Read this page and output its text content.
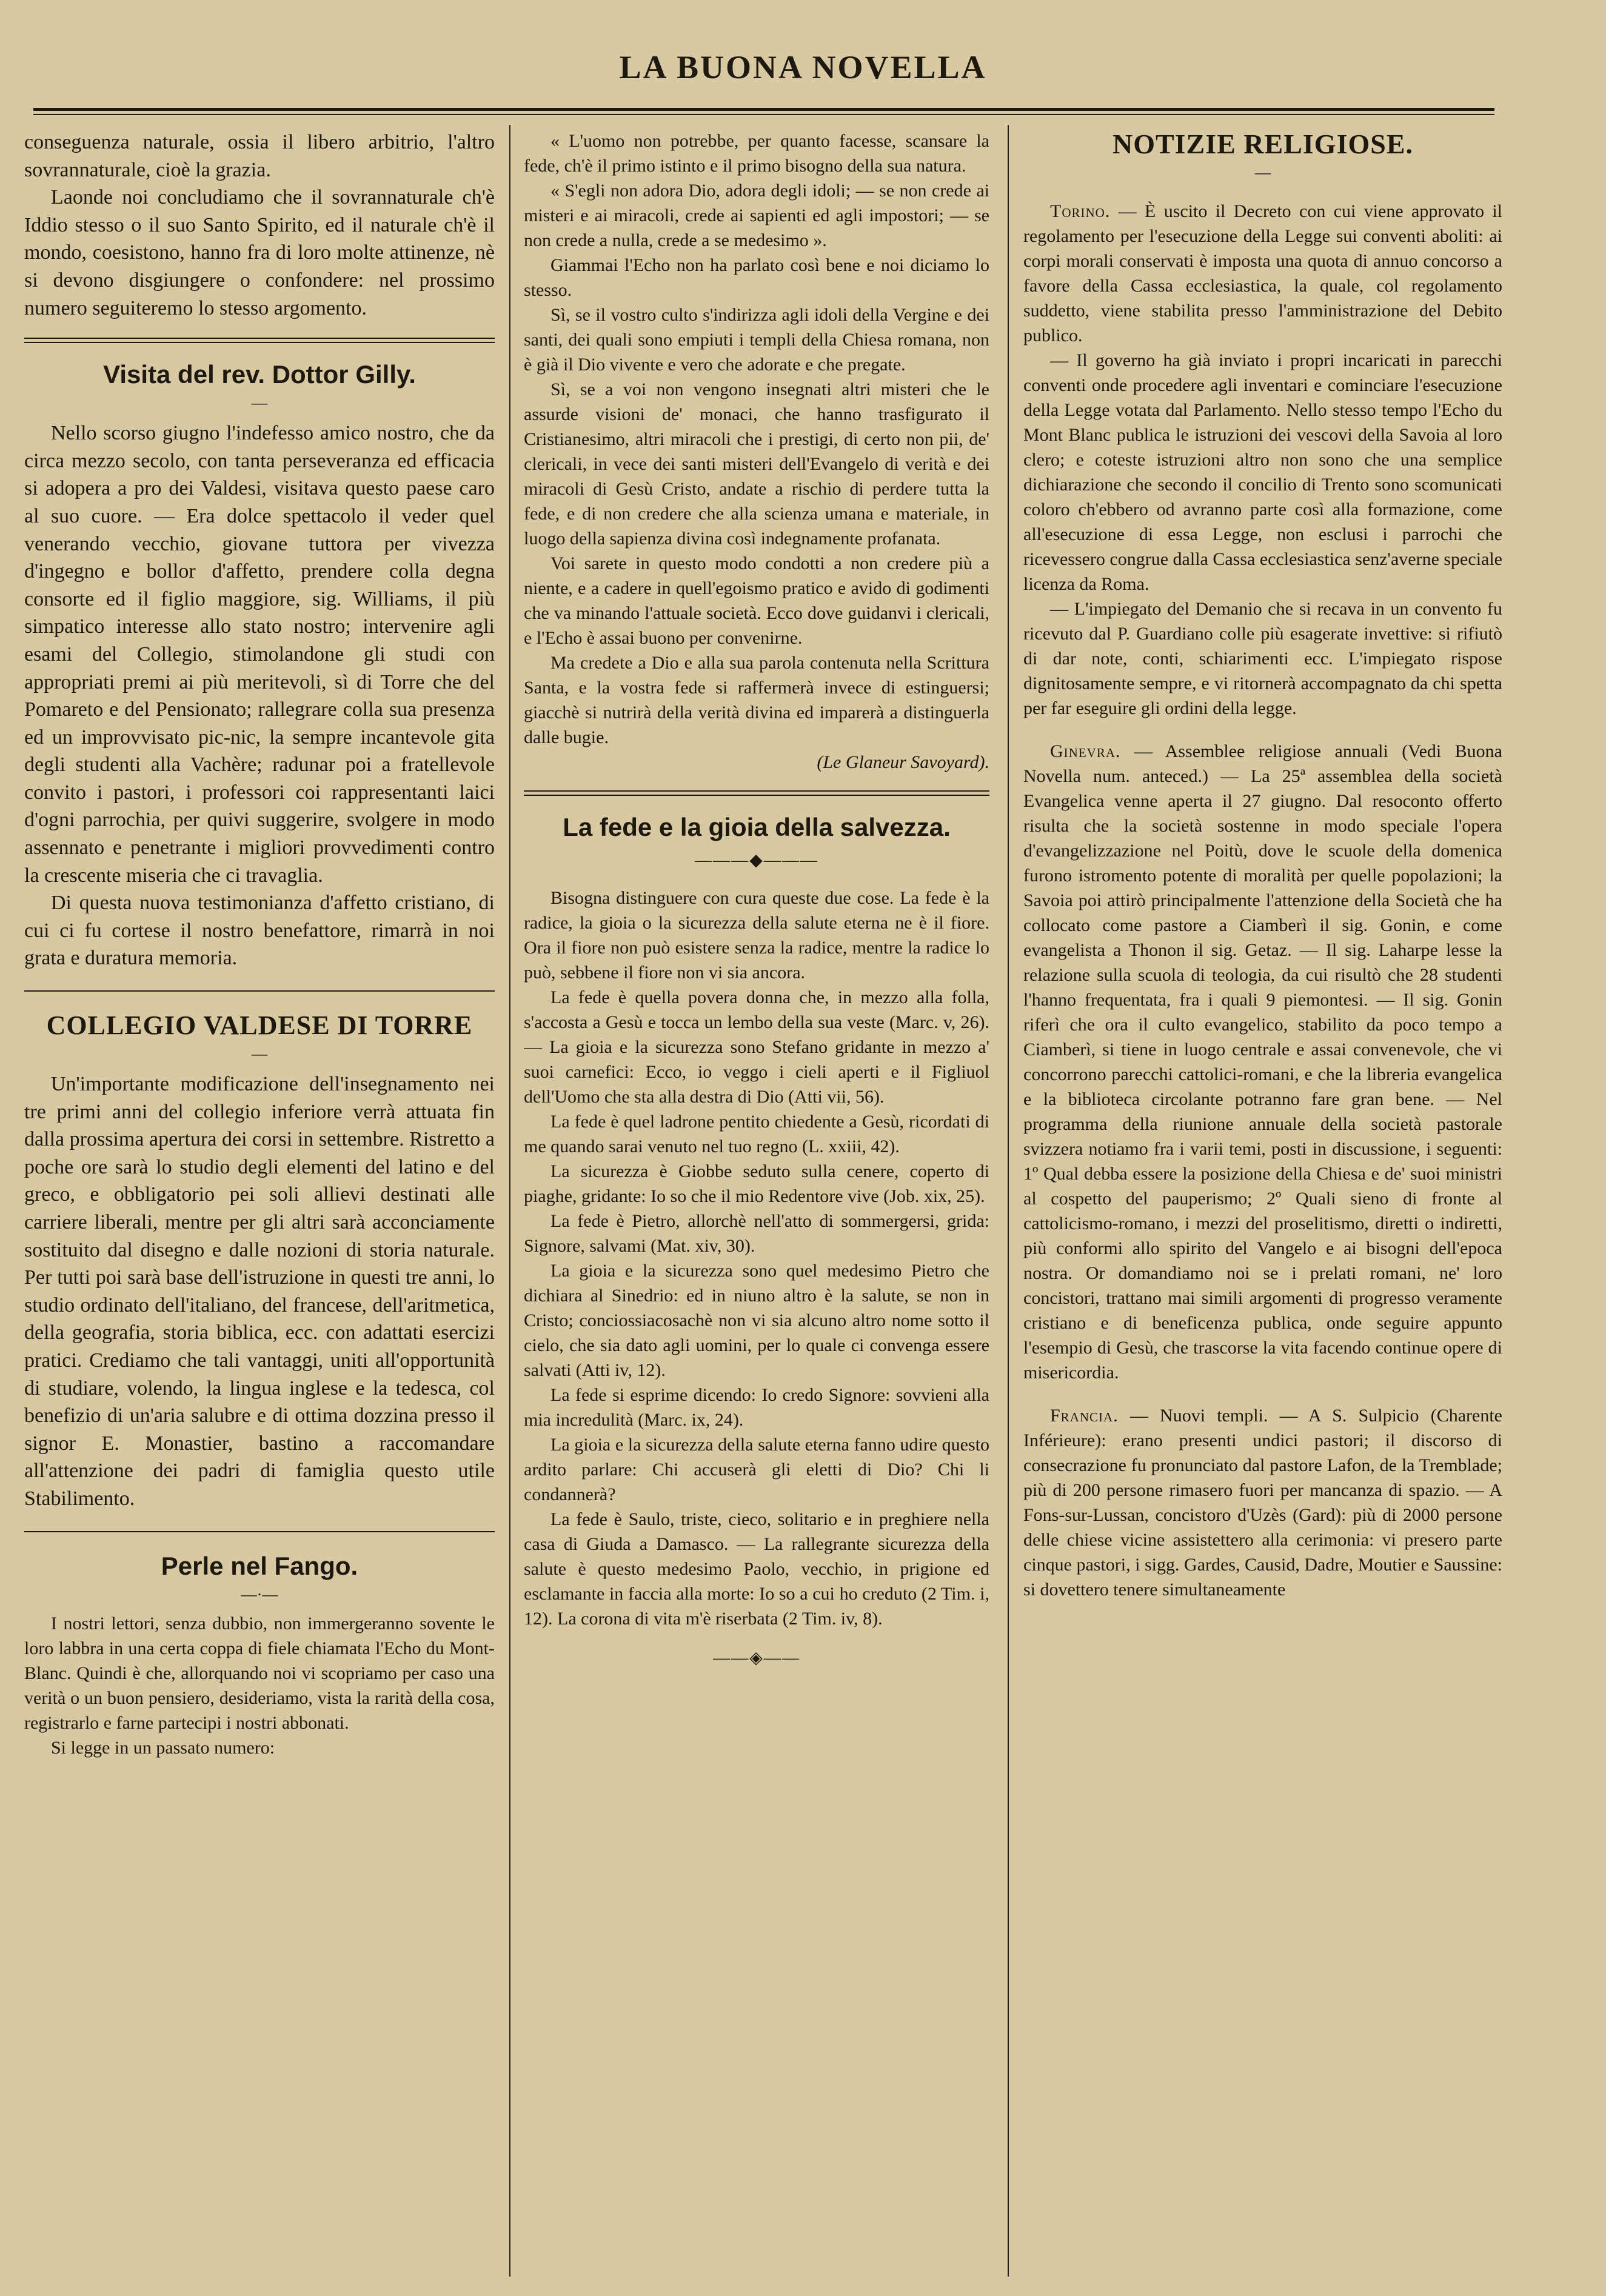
LA BUONA NOVELLA

conseguenza naturale, ossia il libero arbitrio, l'altro sovrannaturale, cioè la grazia.

Laonde noi concludiamo che il sovrannaturale ch'è Iddio stesso o il suo Santo Spirito, ed il naturale ch'è il mondo, coesistono, hanno fra di loro molte attinenze, nè si devono disgiungere o confondere: nel prossimo numero seguiteremo lo stesso argomento.

Visita del rev. Dottor Gilly.
—

Nello scorso giugno l'indefesso amico nostro, che da circa mezzo secolo, con tanta perseveranza ed efficacia si adopera a pro dei Valdesi, visitava questo paese caro al suo cuore. — Era dolce spettacolo il veder quel venerando vecchio, giovane tuttora per vivezza d'ingegno e bollor d'affetto, prendere colla degna consorte ed il figlio maggiore, sig. Williams, il più simpatico interesse allo stato nostro; intervenire agli esami del Collegio, stimolandone gli studi con appropriati premi ai più meritevoli, sì di Torre che del Pomareto e del Pensionato; rallegrare colla sua presenza ed un improvvisato pic-nic, la sempre incantevole gita degli studenti alla Vachère; radunar poi a fratellevole convito i pastori, i professori coi rappresentanti laici d'ogni parrochia, per quivi suggerire, svolgere in modo assennato e penetrante i migliori provvedimenti contro la crescente miseria che ci travaglia.

Di questa nuova testimonianza d'affetto cristiano, di cui ci fu cortese il nostro benefattore, rimarrà in noi grata e duratura memoria.

COLLEGIO VALDESE DI TORRE
—

Un'importante modificazione dell'insegnamento nei tre primi anni del collegio inferiore verrà attuata fin dalla prossima apertura dei corsi in settembre. Ristretto a poche ore sarà lo studio degli elementi del latino e del greco, e obbligatorio pei soli allievi destinati alle carriere liberali, mentre per gli altri sarà acconciamente sostituito dal disegno e dalle nozioni di storia naturale. Per tutti poi sarà base dell'istruzione in questi tre anni, lo studio ordinato dell'italiano, del francese, dell'aritmetica, della geografia, storia biblica, ecc. con adattati esercizi pratici. Crediamo che tali vantaggi, uniti all'opportunità di studiare, volendo, la lingua inglese e la tedesca, col benefizio di un'aria salubre e di ottima dozzina presso il signor E. Monastier, bastino a raccomandare all'attenzione dei padri di famiglia questo utile Stabilimento.

Perle nel Fango.
—·—

I nostri lettori, senza dubbio, non immergeranno sovente le loro labbra in una certa coppa di fiele chiamata l'Echo du Mont-Blanc. Quindi è che, allorquando noi vi scopriamo per caso una verità o un buon pensiero, desideriamo, vista la rarità della cosa, registrarlo e farne partecipi i nostri abbonati.

Si legge in un passato numero:

« L'uomo non potrebbe, per quanto facesse, scansare la fede, ch'è il primo istinto e il primo bisogno della sua natura.

« S'egli non adora Dio, adora degli idoli; — se non crede ai misteri e ai miracoli, crede ai sapienti ed agli impostori; — se non crede a nulla, crede a se medesimo ».

Giammai l'Echo non ha parlato così bene e noi diciamo lo stesso.

Sì, se il vostro culto s'indirizza agli idoli della Vergine e dei santi, dei quali sono empiuti i templi della Chiesa romana, non è già il Dio vivente e vero che adorate e che pregate.

Sì, se a voi non vengono insegnati altri misteri che le assurde visioni de' monaci, che hanno trasfigurato il Cristianesimo, altri miracoli che i prestigi, di certo non pii, de' clericali, in vece dei santi misteri dell'Evangelo di verità e dei miracoli di Gesù Cristo, andate a rischio di perdere tutta la fede, e di non credere che alla scienza umana e materiale, in luogo della sapienza divina così indegnamente profanata.

Voi sarete in questo modo condotti a non credere più a niente, e a cadere in quell'egoismo pratico e avido di godimenti che va minando l'attuale società. Ecco dove guidanvi i clericali, e l'Echo è assai buono per convenirne.

Ma credete a Dio e alla sua parola contenuta nella Scrittura Santa, e la vostra fede si raffermerà invece di estinguersi; giacchè si nutrirà della verità divina ed imparerà a distinguerla dalle bugie.

(Le Glaneur Savoyard).
La fede e la gioia della salvezza.
———◆———

Bisogna distinguere con cura queste due cose. La fede è la radice, la gioia o la sicurezza della salute eterna ne è il fiore. Ora il fiore non può esistere senza la radice, mentre la radice lo può, sebbene il fiore non vi sia ancora.

La fede è quella povera donna che, in mezzo alla folla, s'accosta a Gesù e tocca un lembo della sua veste (Marc. v, 26). — La gioia e la sicurezza sono Stefano gridante in mezzo a' suoi carnefici: Ecco, io veggo i cieli aperti e il Figliuol dell'Uomo che sta alla destra di Dio (Atti vii, 56).

La fede è quel ladrone pentito chiedente a Gesù, ricordati di me quando sarai venuto nel tuo regno (L. xxiii, 42).

La sicurezza è Giobbe seduto sulla cenere, coperto di piaghe, gridante: Io so che il mio Redentore vive (Job. xix, 25).

La fede è Pietro, allorchè nell'atto di sommergersi, grida: Signore, salvami (Mat. xiv, 30).

La gioia e la sicurezza sono quel medesimo Pietro che dichiara al Sinedrio: ed in niuno altro è la salute, se non in Cristo; conciossiacosachè non vi sia alcuno altro nome sotto il cielo, che sia dato agli uomini, per lo quale ci convenga essere salvati (Atti iv, 12).

La fede si esprime dicendo: Io credo Signore: sovvieni alla mia incredulità (Marc. ix, 24).

La gioia e la sicurezza della salute eterna fanno udire questo ardito parlare: Chi accuserà gli eletti di Dio? Chi li condannerà?

La fede è Saulo, triste, cieco, solitario e in preghiere nella casa di Giuda a Damasco. — La rallegrante sicurezza della salute è questo medesimo Paolo, vecchio, in prigione ed esclamante in faccia alla morte: Io so a cui ho creduto (2 Tim. i, 12). La corona di vita m'è riserbata (2 Tim. iv, 8).

——◈——
NOTIZIE RELIGIOSE.
—

Torino. — È uscito il Decreto con cui viene approvato il regolamento per l'esecuzione della Legge sui conventi aboliti: ai corpi morali conservati è imposta una quota di annuo concorso a favore della Cassa ecclesiastica, la quale, col regolamento suddetto, viene stabilita presso l'amministrazione del Debito publico.

— Il governo ha già inviato i propri incaricati in parecchi conventi onde procedere agli inventari e cominciare l'esecuzione della Legge votata dal Parlamento. Nello stesso tempo l'Echo du Mont Blanc publica le istruzioni dei vescovi della Savoia al loro clero; e coteste istruzioni altro non sono che una semplice dichiarazione che secondo il concilio di Trento sono scomunicati coloro ch'ebbero od avranno parte così alla formazione, come all'esecuzione di essa Legge, non esclusi i parrochi che ricevessero congrue dalla Cassa ecclesiastica senz'averne speciale licenza da Roma.

— L'impiegato del Demanio che si recava in un convento fu ricevuto dal P. Guardiano colle più esagerate invettive: si rifiutò di dar note, conti, schiarimenti ecc. L'impiegato rispose dignitosamente sempre, e vi ritornerà accompagnato da chi spetta per far eseguire gli ordini della legge.

Ginevra. — Assemblee religiose annuali (Vedi Buona Novella num. anteced.) — La 25ª assemblea della società Evangelica venne aperta il 27 giugno. Dal resoconto offerto risulta che la società sostenne in modo speciale l'opera d'evangelizzazione nel Poitù, dove le scuole della domenica furono istromento potente di moralità per quelle popolazioni; la Savoia poi attirò principalmente l'attenzione della Società che ha collocato come pastore a Ciamberì il sig. Gonin, e come evangelista a Thonon il sig. Getaz. — Il sig. Laharpe lesse la relazione sulla scuola di teologia, da cui risultò che 28 studenti l'hanno frequentata, fra i quali 9 piemontesi. — Il sig. Gonin riferì che ora il culto evangelico, stabilito da poco tempo a Ciamberì, si tiene in luogo centrale e assai convenevole, che vi concorrono parecchi cattolici-romani, e che la libreria evangelica e la biblioteca circolante potranno fare gran bene. — Nel programma della riunione annuale della società pastorale svizzera notiamo fra i varii temi, posti in discussione, i seguenti: 1º Qual debba essere la posizione della Chiesa e de' suoi ministri al cospetto del pauperismo; 2º Quali sieno di fronte al cattolicismo-romano, i mezzi del proselitismo, diretti o indiretti, più conformi allo spirito del Vangelo e ai bisogni dell'epoca nostra. Or domandiamo noi se i prelati romani, ne' loro concistori, trattano mai simili argomenti di progresso veramente cristiano e di beneficenza publica, onde seguire appunto l'esempio di Gesù, che trascorse la vita facendo continue opere di misericordia.

Francia. — Nuovi templi. — A S. Sulpicio (Charente Inférieure): erano presenti undici pastori; il discorso di consecrazione fu pronunciato dal pastore Lafon, de la Tremblade; più di 200 persone rimasero fuori per mancanza di spazio. — A Fons-sur-Lussan, concistoro d'Uzès (Gard): più di 2000 persone delle chiese vicine assistettero alla cerimonia: vi presero parte cinque pastori, i sigg. Gardes, Causid, Dadre, Moutier e Saussine: si dovettero tenere simultaneamente
